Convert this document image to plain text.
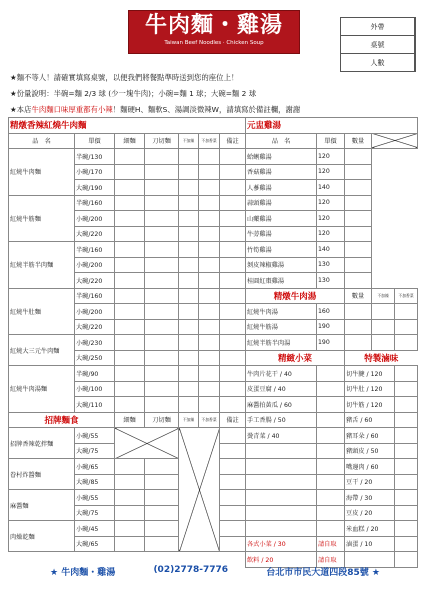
牛肉麵・雞湯
Taiwan Beef Noodles · Chicken Soup
外帶	
桌號	
人數	
★麵不等人！請確實填寫桌號，以便我們將餐點準時送到您的座位上！
★份量說明：半碗=麵 2/3 球 (少一塊牛肉)；小碗=麵 1 球；大碗=麵 2 球
★本店牛肉麵口味厚重都有小辣！麵硬H、麵軟S、湯調淡微辣W，請填寫於備註欄，謝謝
精燉香辣紅燒牛肉麵						
品　名	單價	細麵	刀切麵	不加辣	不加香菜	備註
紅燒牛肉麵	半碗/130					
	小碗/170					
	大碗/190					
紅燒牛筋麵	半碗/160					
	小碗/200					
	大碗/220					
紅燒半筋半肉麵	半碗/160					
	小碗/200					
	大碗/220					
紅燒牛肚麵	半碗/160					
	小碗/200					
	大碗/220					
紅燒大三元牛肉麵	小碗/230					
	大碗/250					
紅燒牛肉湯麵	半碗/90					
	小碗/100					
	大碗/110					
招牌麵食		細麵	刀切麵	不加辣	不加香菜	備註
招牌香辣乾拌麵	小碗/55					
	大碗/75					
眷村炸醬麵	小碗/65					
	大碗/85					
麻醬麵	小碗/55					
	大碗/75					
肉燥乾麵	小碗/45					
	大碗/65					
元盅雞湯				
品　名	單價	數量		
蛤蜊雞湯	120			
香菇雞湯	120			
人蔘雞湯	140			
蒜頭雞湯	120			
山藥雞湯	120			
牛蒡雞湯	120			
竹筍雞湯	140			
剝皮辣椒雞湯	130			
桂圓紅棗雞湯	130			
精燉牛肉湯		數量	不加辣	不加香菜
紅燒牛肉湯	160			
紅燒牛筋湯	190			
紅燒半筋半肉湯	190			
精緻小菜		特製滷味		
牛肉片花干 / 40		切牛腱 / 120		
皮蛋豆腐 / 40		切牛肚 / 120		
麻醬拍黃瓜 / 60		切牛筋 / 120		
手工香腸 / 50		豬舌 / 60		
燙青菜 / 40		豬耳朵 / 60		
		豬頭皮 / 50		
		嘴邊肉 / 60		
		豆干 / 20		
		海帶 / 30		
		豆皮 / 20		
		米血糕 / 20		
各式小菜 / 30	請自取	滷蛋 / 10		
飲料 / 20	請自取			
★ 牛肉麵・雞湯	(02)2778-7776	台北市市民大道四段85號 ★
